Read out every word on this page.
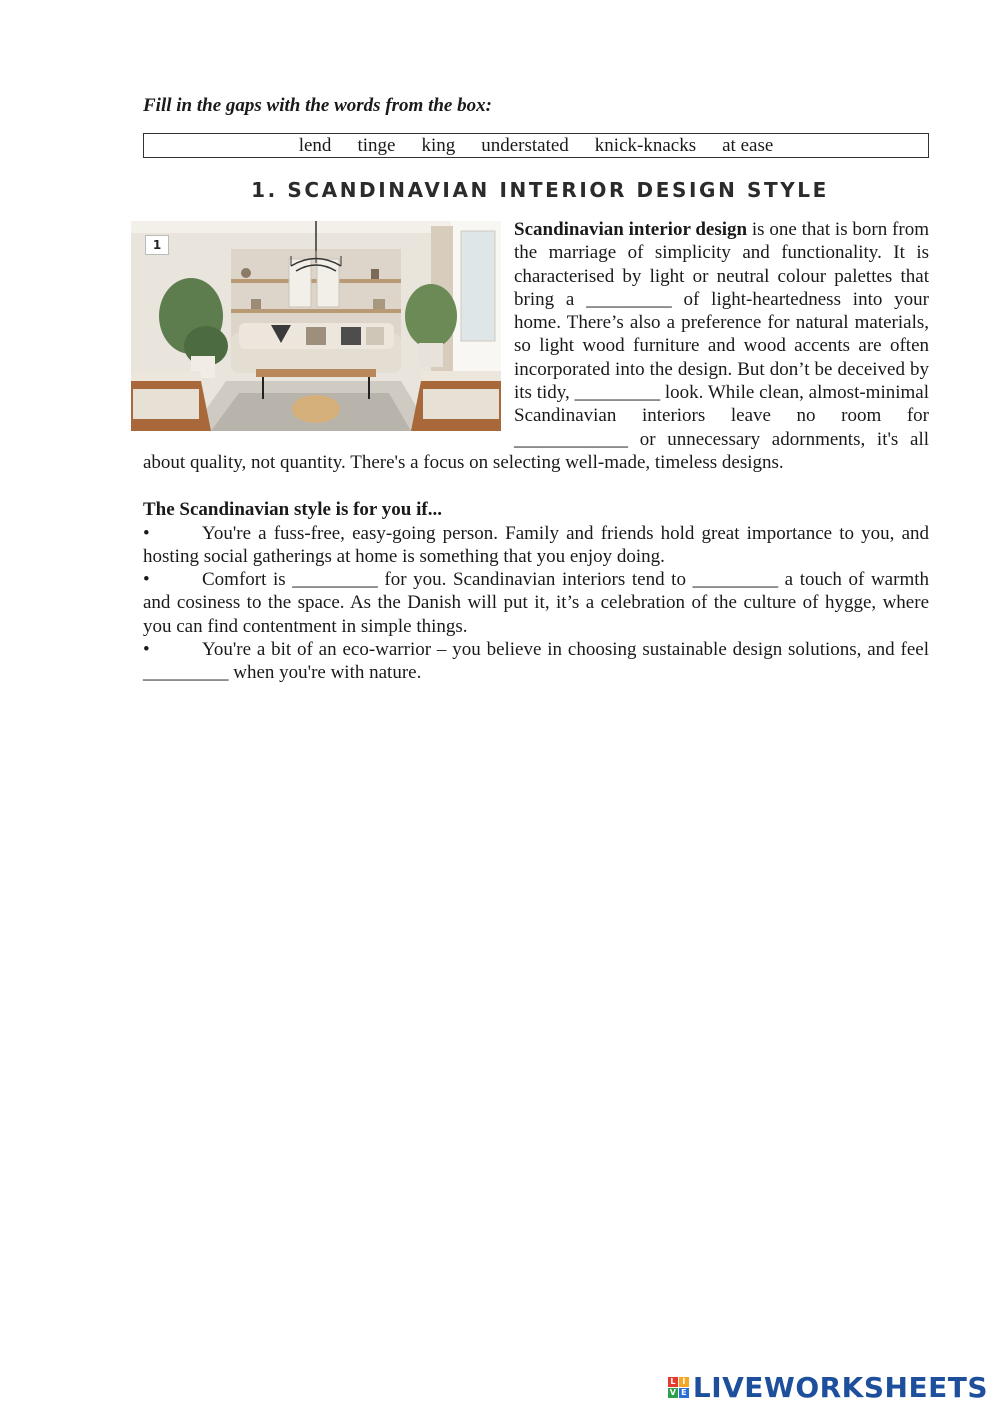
Fill in the gaps with the words from the box:

lend tinge king understated knick-knacks at ease
1. SCANDINAVIAN INTERIOR DESIGN STYLE
1

Scandinavian interior design is one that is born from the marriage of simplicity and functionality. It is characterised by light or neutral colour palettes that bring a _________ of light-heartedness into your home. There’s also a preference for natural materials, so light wood furniture and wood accents are often incorporated into the design. But don’t be deceived by its tidy, _________ look. While clean, almost-minimal Scandinavian interiors leave no room for ____________ or unnecessary adornments, it's all about quality, not quantity. There's a focus on selecting well-made, timeless designs.

The Scandinavian style is for you if...

•	You're a fuss-free, easy-going person. Family and friends hold great importance to you, and hosting social gatherings at home is something that you enjoy doing.

•	Comfort is _________ for you. Scandinavian interiors tend to _________ a touch of warmth and cosiness to the space. As the Danish will put it, it’s a celebration of the culture of hygge, where you can find contentment in simple things.

•	You're a bit of an eco-warrior – you believe in choosing sustainable design solutions, and feel _________ when you're with nature.

L I
V E LIVEWORKSHEETS
